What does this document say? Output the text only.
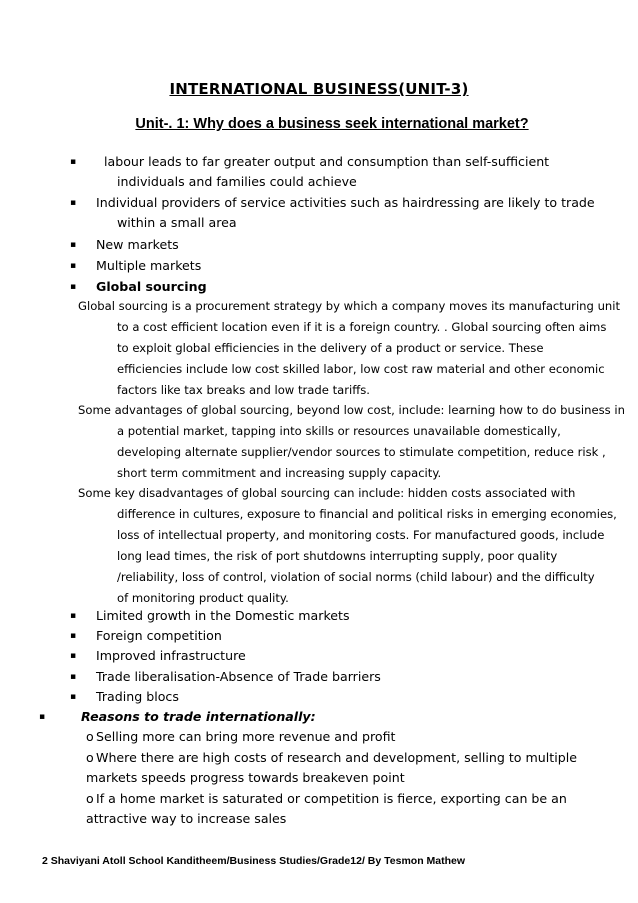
INTERNATIONAL BUSINESS(UNIT-3)
Unit-. 1: Why does a business seek international market?
▪ labour leads to far greater output and consumption than self-sufficient
individuals and families could achieve
▪ Individual providers of service activities such as hairdressing are likely to trade
within a small area
▪ New markets
▪ Multiple markets
▪ Global sourcing
Global sourcing is a procurement strategy by which a company moves its manufacturing unit
to a cost efficient location even if it is a foreign country. . Global sourcing often aims
to exploit global efficiencies in the delivery of a product or service. These
efficiencies include low cost skilled labor, low cost raw material and other economic
factors like tax breaks and low trade tariffs.
Some advantages of global sourcing, beyond low cost, include: learning how to do business in
a potential market, tapping into skills or resources unavailable domestically,
developing alternate supplier/vendor sources to stimulate competition, reduce risk ,
short term commitment and increasing supply capacity.
Some key disadvantages of global sourcing can include: hidden costs associated with
difference in cultures, exposure to financial and political risks in emerging economies,
loss of intellectual property, and monitoring costs. For manufactured goods, include
long lead times, the risk of port shutdowns interrupting supply, poor quality
/reliability, loss of control, violation of social norms (child labour) and the difficulty
of monitoring product quality.
▪ Limited growth in the Domestic markets
▪ Foreign competition
▪ Improved infrastructure
▪ Trade liberalisation-Absence of Trade barriers
▪ Trading blocs
▪	Reasons to trade internationally:
o Selling more can bring more revenue and profit
o Where there are high costs of research and development, selling to multiple
markets speeds progress towards breakeven point
o If a home market is saturated or competition is fierce, exporting can be an
attractive way to increase sales
2 Shaviyani Atoll School Kanditheem/Business Studies/Grade12/ By Tesmon Mathew
